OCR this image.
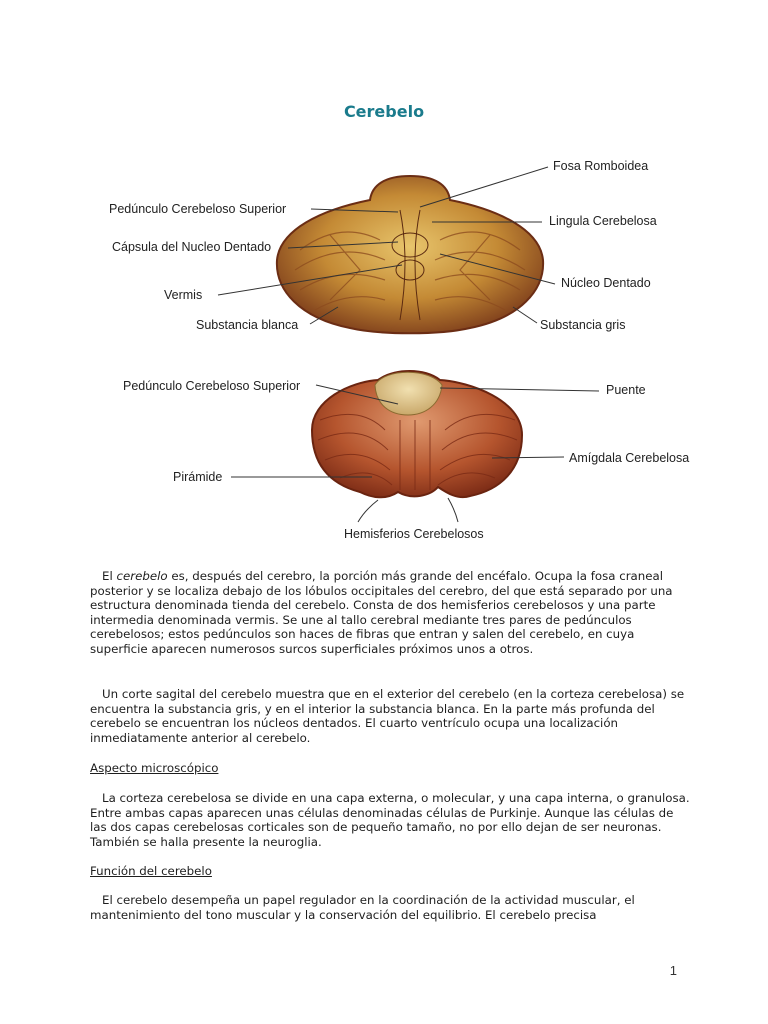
Cerebelo
Fosa Romboidea
Pedúnculo Cerebeloso Superior
Lingula Cerebelosa
Cápsula del Nucleo Dentado
Núcleo Dentado
Vermis
Substancia blanca	Substancia gris
Pedúnculo Cerebeloso Superior	Puente
Amígdala Cerebelosa
Pirámide
Hemisferios Cerebelosos

El cerebelo es, después del cerebro, la porción más grande del encéfalo. Ocupa la fosa craneal posterior y se localiza debajo de los lóbulos occipitales del cerebro, del que está separado por una estructura denominada tienda del cerebelo. Consta de dos hemisferios cerebelosos y una parte intermedia denominada vermis. Se une al tallo cerebral mediante tres pares de pedúnculos cerebelosos; estos pedúnculos son haces de fibras que entran y salen del cerebelo, en cuya superficie aparecen numerosos surcos superficiales próximos unos a otros.

Un corte sagital del cerebelo muestra que en el exterior del cerebelo (en la corteza cerebelosa) se encuentra la substancia gris, y en el interior la substancia blanca. En la parte más profunda del cerebelo se encuentran los núcleos dentados. El cuarto ventrículo ocupa una localización inmediatamente anterior al cerebelo.

Aspecto microscópico

La corteza cerebelosa se divide en una capa externa, o molecular, y una capa interna, o granulosa. Entre ambas capas aparecen unas células denominadas células de Purkinje. Aunque las células de las dos capas cerebelosas corticales son de pequeño tamaño, no por ello dejan de ser neuronas. También se halla presente la neuroglia.

Función del cerebelo

El cerebelo desempeña un papel regulador en la coordinación de la actividad muscular, el mantenimiento del tono muscular y la conservación del equilibrio. El cerebelo precisa

1
